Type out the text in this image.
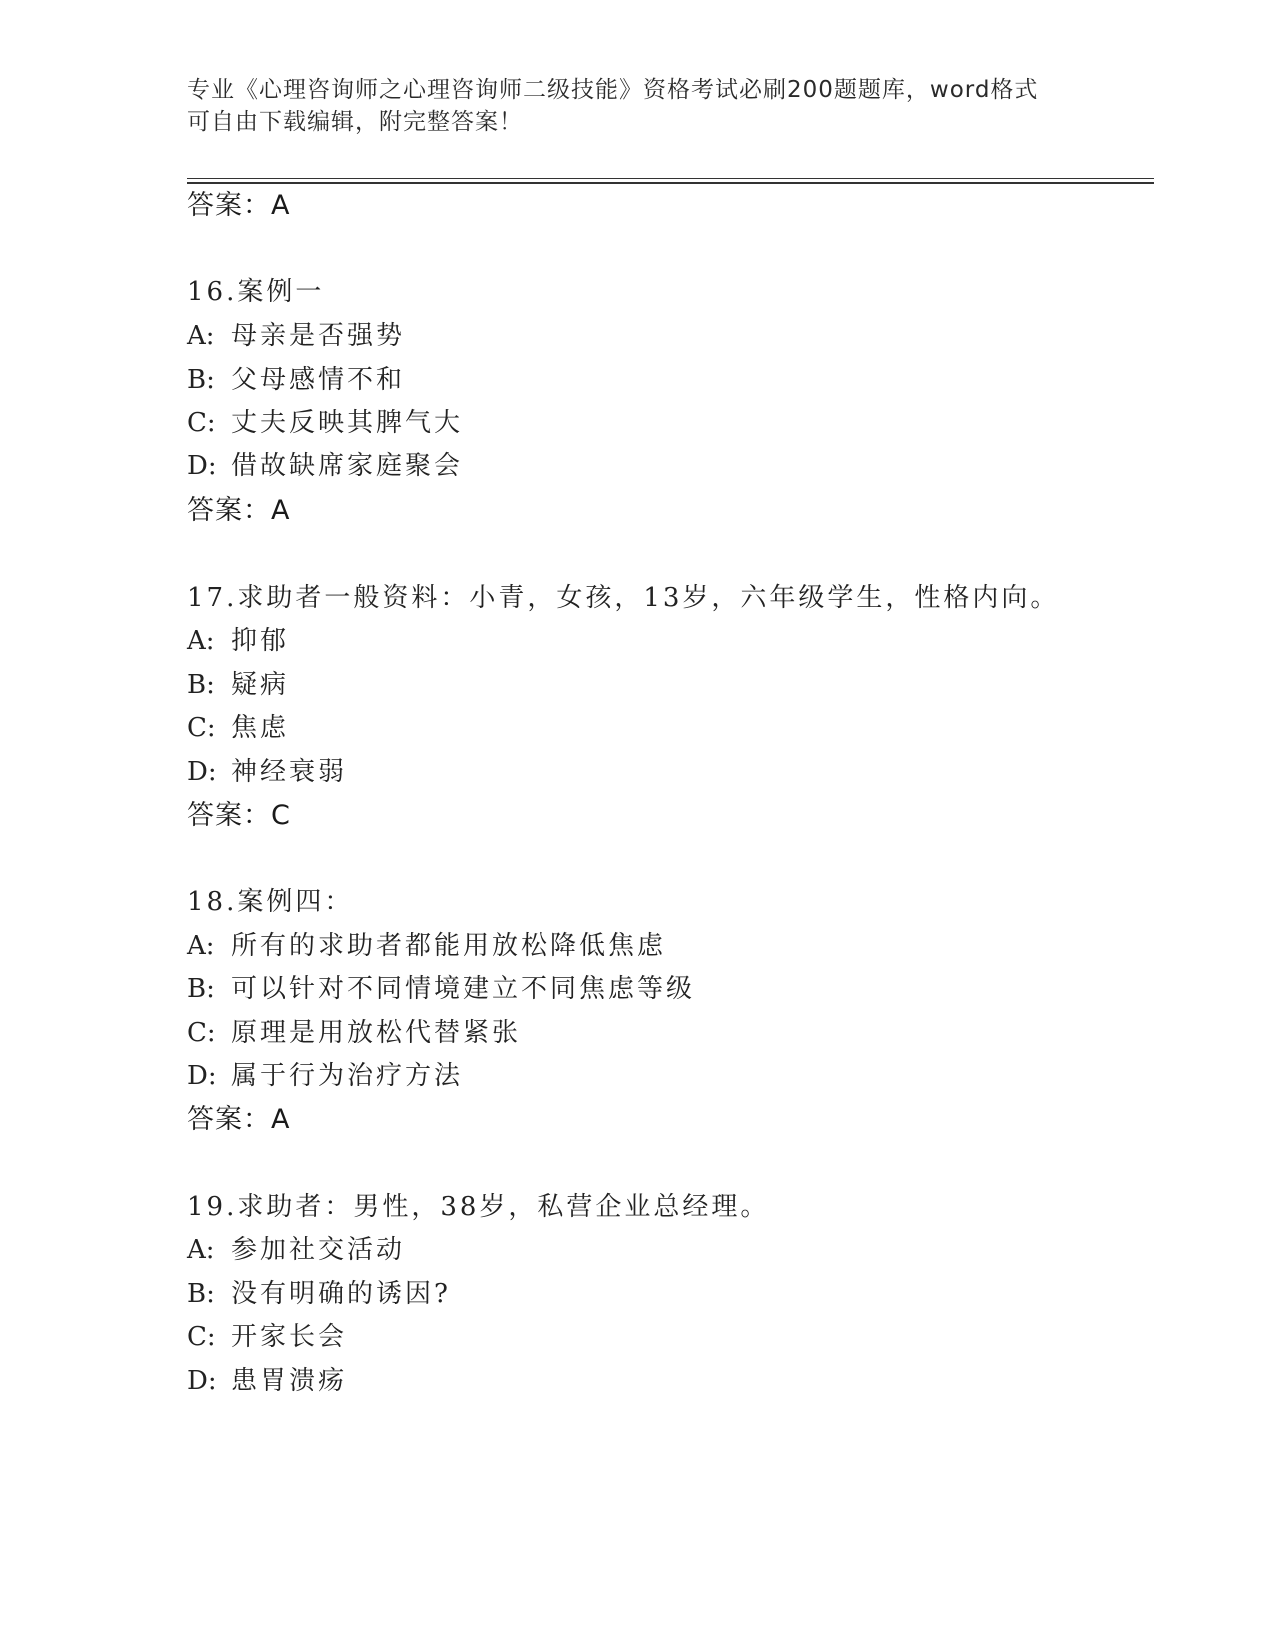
专业《心理咨询师之心理咨询师二级技能》资格考试必刷200题题库，word格式
可自由下载编辑，附完整答案！
答案：A
16.案例一
A: 母亲是否强势
B: 父母感情不和
C: 丈夫反映其脾气大
D: 借故缺席家庭聚会
答案：A
17.求助者一般资料：小青，女孩，13岁，六年级学生，性格内向。
A: 抑郁
B: 疑病
C: 焦虑
D: 神经衰弱
答案：C
18.案例四：
A: 所有的求助者都能用放松降低焦虑
B: 可以针对不同情境建立不同焦虑等级
C: 原理是用放松代替紧张
D: 属于行为治疗方法
答案：A
19.求助者：男性，38岁，私营企业总经理。
A: 参加社交活动
B: 没有明确的诱因?
C: 开家长会
D: 患胃溃疡
